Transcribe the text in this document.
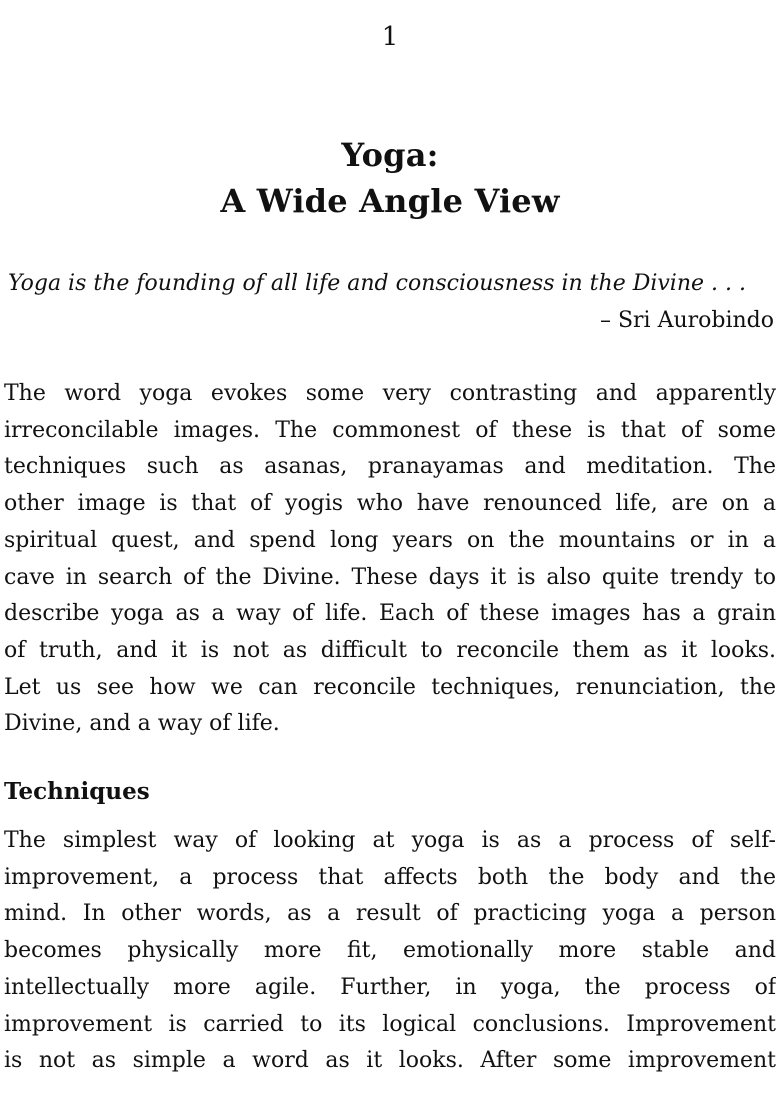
1
Yoga:
A Wide Angle View
Yoga is the founding of all life and consciousness in the Divine . . .
– Sri Aurobindo
The word yoga evokes some very contrasting and apparently
irreconcilable images. The commonest of these is that of some
techniques such as asanas, pranayamas and meditation. The
other image is that of yogis who have renounced life, are on a
spiritual quest, and spend long years on the mountains or in a
cave in search of the Divine. These days it is also quite trendy to
describe yoga as a way of life. Each of these images has a grain
of truth, and it is not as difficult to reconcile them as it looks.
Let us see how we can reconcile techniques, renunciation, the
Divine, and a way of life.
Techniques
The simplest way of looking at yoga is as a process of self-
improvement, a process that affects both the body and the
mind. In other words, as a result of practicing yoga a person
becomes physically more fit, emotionally more stable and
intellectually more agile. Further, in yoga, the process of
improvement is carried to its logical conclusions. Improvement
is not as simple a word as it looks. After some improvement
